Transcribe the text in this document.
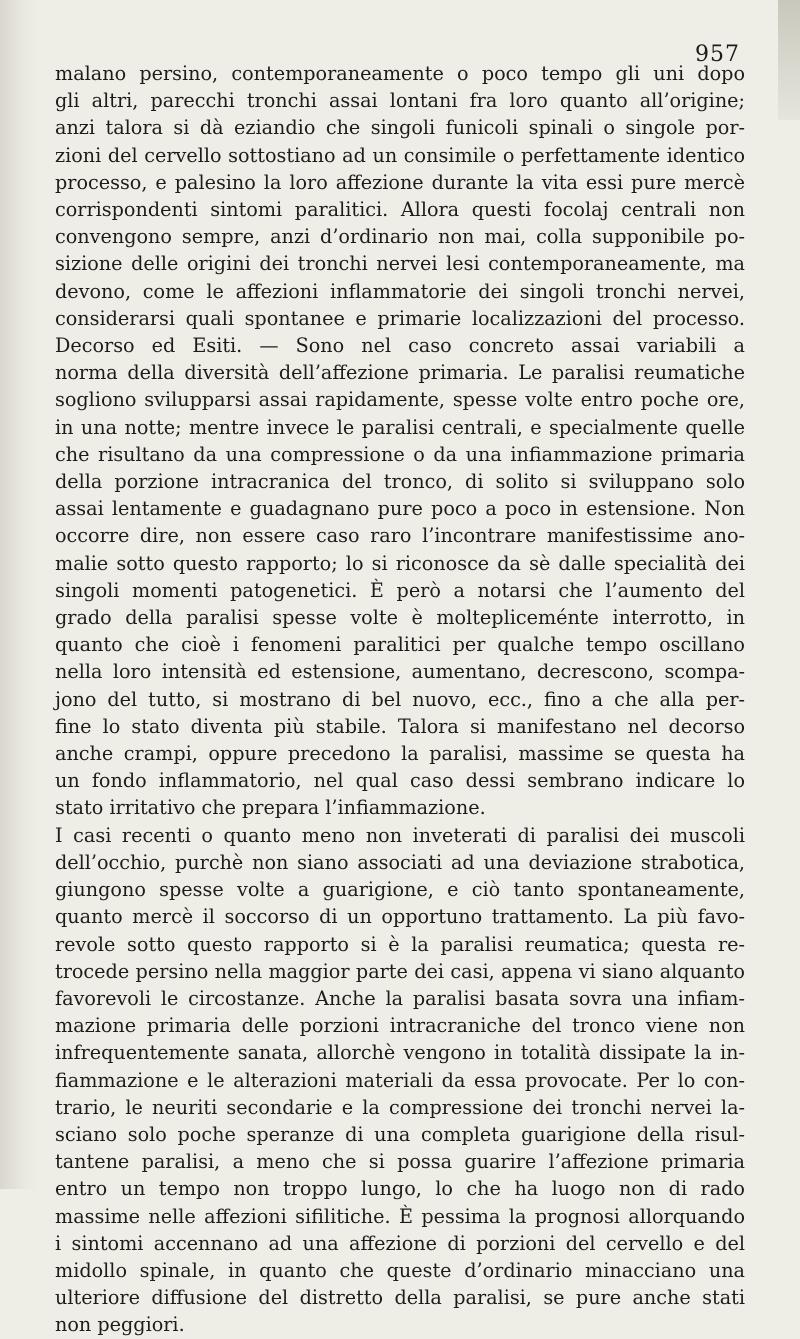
957
malano persino, contemporaneamente o poco tempo gli uni dopo
gli altri, parecchi tronchi assai lontani fra loro quanto all’origine;
anzi talora si dà eziandio che singoli funicoli spinali o singole por-
zioni del cervello sottostiano ad un consimile o perfettamente identico
processo, e palesino la loro affezione durante la vita essi pure mercè
corrispondenti sintomi paralitici. Allora questi focolaj centrali non
convengono sempre, anzi d’ordinario non mai, colla supponibile po-
sizione delle origini dei tronchi nervei lesi contemporaneamente, ma
devono, come le affezioni inflammatorie dei singoli tronchi nervei,
considerarsi quali spontanee e primarie localizzazioni del processo.
Decorso ed Esiti. — Sono nel caso concreto assai variabili a
norma della diversità dell’affezione primaria. Le paralisi reumatiche
sogliono svilupparsi assai rapidamente, spesse volte entro poche ore,
in una notte; mentre invece le paralisi centrali, e specialmente quelle
che risultano da una compressione o da una infiammazione primaria
della porzione intracranica del tronco, di solito si sviluppano solo
assai lentamente e guadagnano pure poco a poco in estensione. Non
occorre dire, non essere caso raro l’incontrare manifestissime ano-
malie sotto questo rapporto; lo si riconosce da sè dalle specialità dei
singoli momenti patogenetici. È però a notarsi che l’aumento del
grado della paralisi spesse volte è moltepliceménte interrotto, in
quanto che cioè i fenomeni paralitici per qualche tempo oscillano
nella loro intensità ed estensione, aumentano, decrescono, scompa-
jono del tutto, si mostrano di bel nuovo, ecc., fino a che alla per-
fine lo stato diventa più stabile. Talora si manifestano nel decorso
anche crampi, oppure precedono la paralisi, massime se questa ha
un fondo inflammatorio, nel qual caso dessi sembrano indicare lo
stato irritativo che prepara l’infiammazione.
I casi recenti o quanto meno non inveterati di paralisi dei muscoli
dell’occhio, purchè non siano associati ad una deviazione strabotica,
giungono spesse volte a guarigione, e ciò tanto spontaneamente,
quanto mercè il soccorso di un opportuno trattamento. La più favo-
revole sotto questo rapporto si è la paralisi reumatica; questa re-
trocede persino nella maggior parte dei casi, appena vi siano alquanto
favorevoli le circostanze. Anche la paralisi basata sovra una infiam-
mazione primaria delle porzioni intracraniche del tronco viene non
infrequentemente sanata, allorchè vengono in totalità dissipate la in-
fiammazione e le alterazioni materiali da essa provocate. Per lo con-
trario, le neuriti secondarie e la compressione dei tronchi nervei la-
sciano solo poche speranze di una completa guarigione della risul-
tantene paralisi, a meno che si possa guarire l’affezione primaria
entro un tempo non troppo lungo, lo che ha luogo non di rado
massime nelle affezioni sifilitiche. È pessima la prognosi allorquando
i sintomi accennano ad una affezione di porzioni del cervello e del
midollo spinale, in quanto che queste d’ordinario minacciano una
ulteriore diffusione del distretto della paralisi, se pure anche stati
non peggiori.
